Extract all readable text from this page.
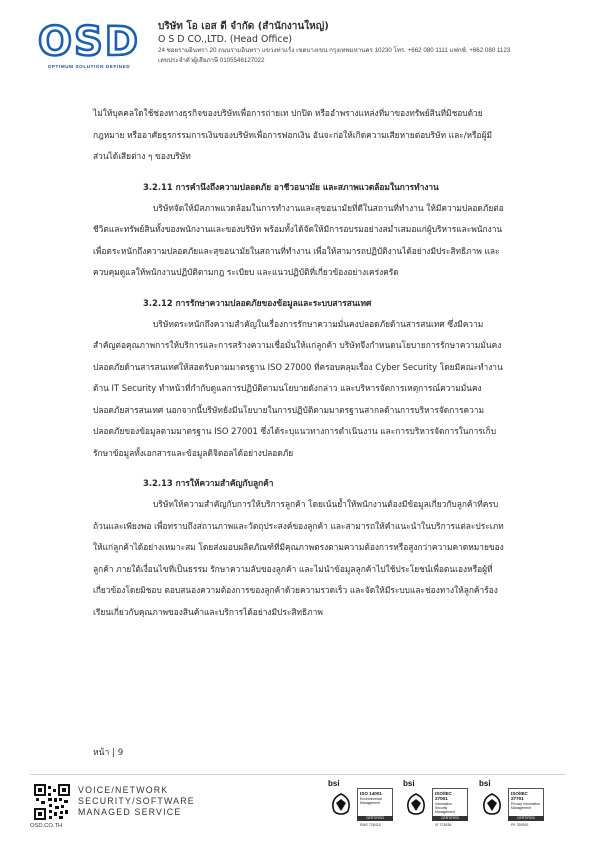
OSD
OPTIMUM SOLUTION DEFINED
บริษัท โอ เอส ดี จำกัด (สำนักงานใหญ่)
O S D CO.,LTD. (Head Office)
24 ซอยรามอินทรา 20 ถนนรามอินทรา แขวงท่าแร้ง เขตบางเขน กรุงเทพมหานคร 10230 โทร. +662 080 1111 แฟกซ์. +662 080 1123
เลขประจำตัวผู้เสียภาษี 0105546127022

ไม่ให้บุคคลใดใช้ช่องทางธุรกิจของบริษัทเพื่อการถ่ายเท ปกปิด หรืออำพรางแหล่งที่มาของทรัพย์สินที่มิชอบด้วยกฎหมาย หรืออาศัยธุรกรรมการเงินของบริษัทเพื่อการฟอกเงิน อันจะก่อให้เกิดความเสียหายต่อบริษัท และ/หรือผู้มีส่วนได้เสียต่าง ๆ ของบริษัท

3.2.11 การคำนึงถึงความปลอดภัย อาชีวอนามัย และสภาพแวดล้อมในการทำงาน

บริษัทจัดให้มีสภาพแวดล้อมในการทำงานและสุขอนามัยที่ดีในสถานที่ทำงาน ให้มีความปลอดภัยต่อชีวิตและทรัพย์สินทั้งของพนักงานและของบริษัท พร้อมทั้งได้จัดให้มีการอบรมอย่างสม่ำเสมอแก่ผู้บริหารและพนักงานเพื่อตระหนักถึงความปลอดภัยและสุขอนามัยในสถานที่ทำงาน เพื่อให้สามารถปฏิบัติงานได้อย่างมีประสิทธิภาพ และควบคุมดูแลให้พนักงานปฏิบัติตามกฎ ระเบียบ และแนวปฏิบัติที่เกี่ยวข้องอย่างเคร่งครัด

3.2.12 การรักษาความปลอดภัยของข้อมูลและระบบสารสนเทศ

บริษัทตระหนักถึงความสำคัญในเรื่องการรักษาความมั่นคงปลอดภัยด้านสารสนเทศ ซึ่งมีความสำคัญต่อคุณภาพการให้บริการและการสร้างความเชื่อมั่นให้แก่ลูกค้า บริษัทจึงกำหนดนโยบายการรักษาความมั่นคงปลอดภัยด้านสารสนเทศให้สอดรับตามมาตรฐาน ISO 27000 ที่ครอบคลุมเรื่อง Cyber Security โดยมีคณะทำงานด้าน IT Security ทำหน้าที่กำกับดูแลการปฏิบัติตามนโยบายดังกล่าว และบริหารจัดการเหตุการณ์ความมั่นคงปลอดภัยสารสนเทศ นอกจากนี้บริษัทยังมีนโยบายในการปฏิบัติตามมาตรฐานสากลด้านการบริหารจัดการความปลอดภัยของข้อมูลตามมาตรฐาน ISO 27001 ซึ่งได้ระบุแนวทางการดำเนินงาน และการบริหารจัดการในการเก็บรักษาข้อมูลทั้งเอกสารและข้อมูลดิจิตอลได้อย่างปลอดภัย

3.2.13 การให้ความสำคัญกับลูกค้า

บริษัทให้ความสำคัญกับการให้บริการลูกค้า โดยเน้นย้ำให้พนักงานต้องมีข้อมูลเกี่ยวกับลูกค้าที่ครบถ้วนและเพียงพอ เพื่อทราบถึงสถานภาพและวัตถุประสงค์ของลูกค้า และสามารถให้คำแนะนำในบริการแต่ละประเภทให้แก่ลูกค้าได้อย่างเหมาะสม โดยส่งมอบผลิตภัณฑ์ที่มีคุณภาพตรงตามความต้องการหรือสูงกว่าความคาดหมายของลูกค้า ภายใต้เงื่อนไขที่เป็นธรรม รักษาความลับของลูกค้า และไม่นำข้อมูลลูกค้าไปใช้ประโยชน์เพื่อตนเองหรือผู้ที่เกี่ยวข้องโดยมิชอบ ตอบสนองความต้องการของลูกค้าด้วยความรวดเร็ว และจัดให้มีระบบและช่องทางให้ลูกค้าร้องเรียนเกี่ยวกับคุณภาพของสินค้าและบริการได้อย่างมีประสิทธิภาพ

หน้า | 9
OSD.CO.TH
VOICE/NETWORK
SECURITY/SOFTWARE
MANAGED SERVICE
bsi
ISO 14001
Environmental Management
CERTIFIED
EMS 728415
bsi
ISO/IEC 27001
Information Security Management
CERTIFIED
IS 723838
bsi
ISO/IEC 27701
Privacy Information Management
CERTIFIED
PII 759553
